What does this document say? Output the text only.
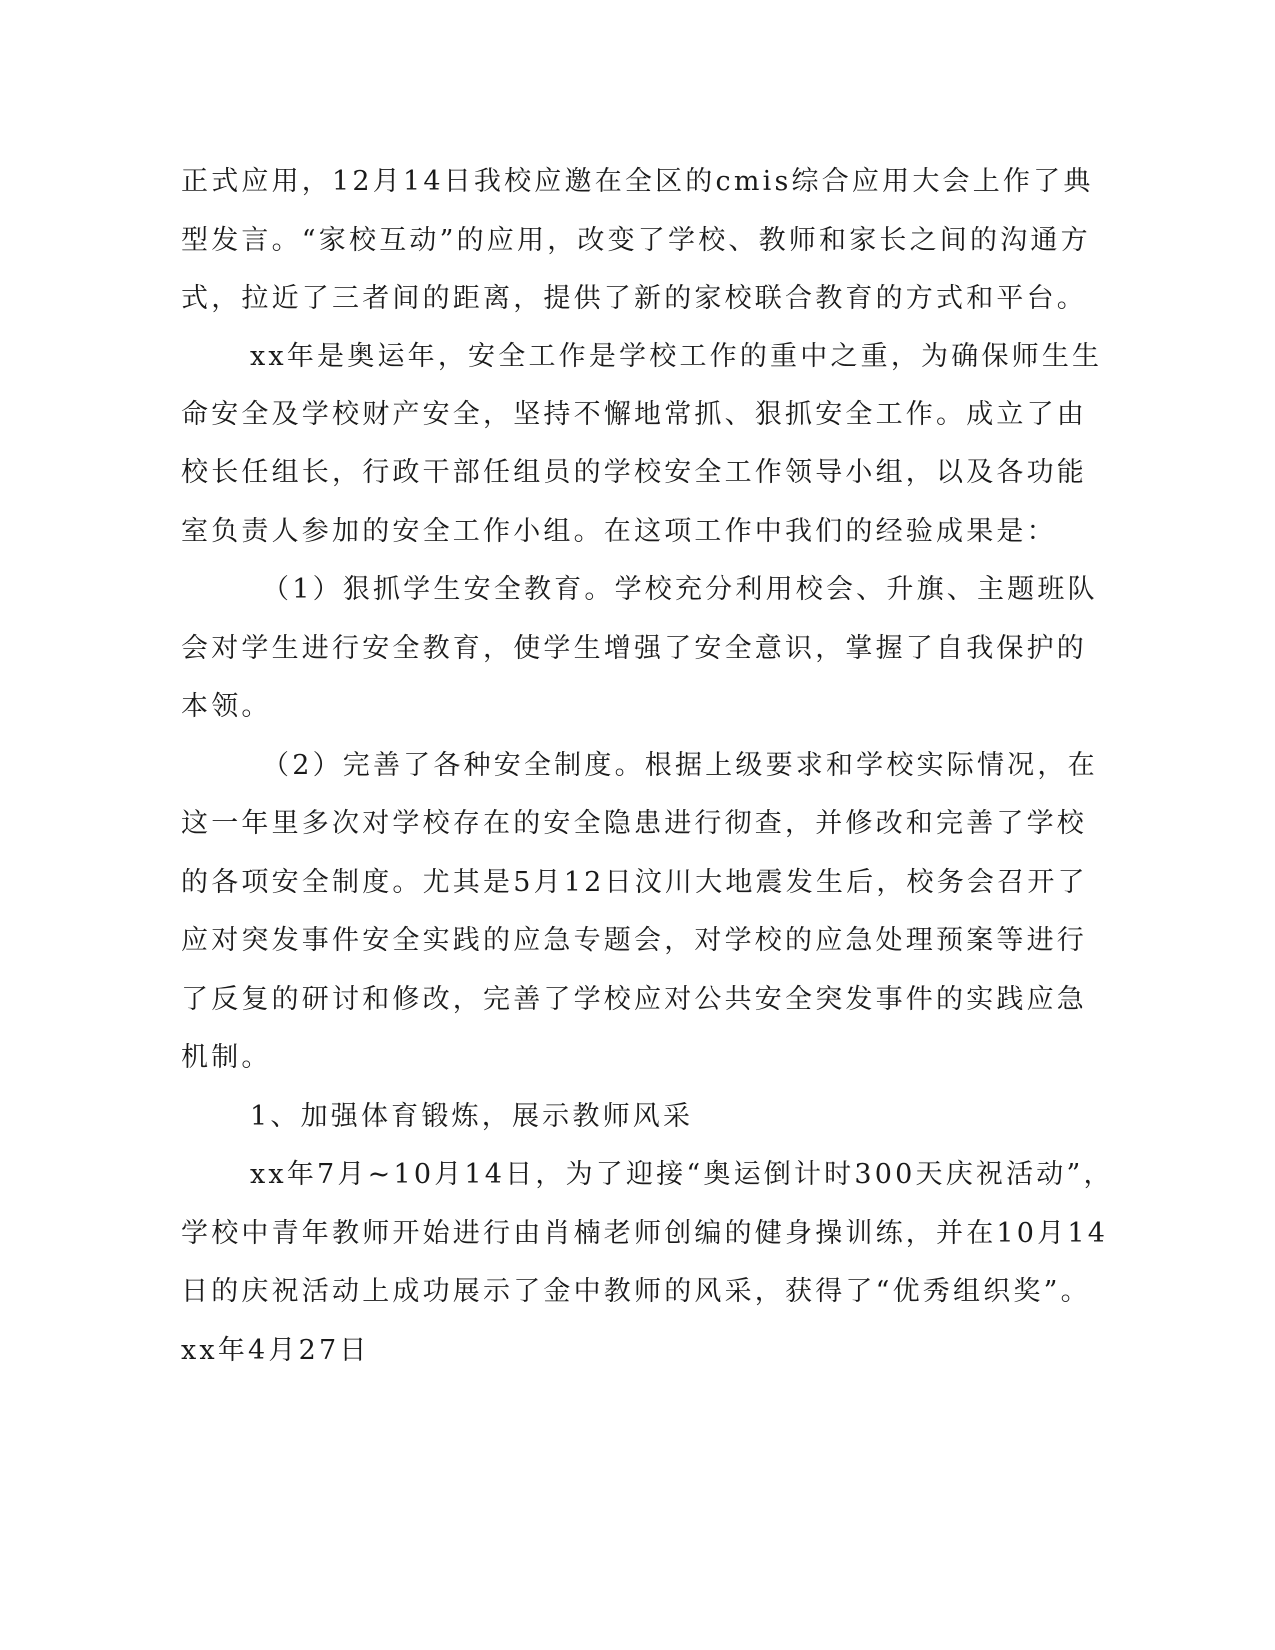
正式应用，12月14日我校应邀在全区的cmis综合应用大会上作了典
型发言。“家校互动”的应用，改变了学校、教师和家长之间的沟通方
式，拉近了三者间的距离，提供了新的家校联合教育的方式和平台。
xx年是奥运年，安全工作是学校工作的重中之重，为确保师生生
命安全及学校财产安全，坚持不懈地常抓、狠抓安全工作。成立了由
校长任组长，行政干部任组员的学校安全工作领导小组，以及各功能
室负责人参加的安全工作小组。在这项工作中我们的经验成果是：
（1）狠抓学生安全教育。学校充分利用校会、升旗、主题班队
会对学生进行安全教育，使学生增强了安全意识，掌握了自我保护的
本领。
（2）完善了各种安全制度。根据上级要求和学校实际情况，在
这一年里多次对学校存在的安全隐患进行彻查，并修改和完善了学校
的各项安全制度。尤其是5月12日汶川大地震发生后，校务会召开了
应对突发事件安全实践的应急专题会，对学校的应急处理预案等进行
了反复的研讨和修改，完善了学校应对公共安全突发事件的实践应急
机制。
1、加强体育锻炼，展示教师风采
xx年7月~10月14日，为了迎接“奥运倒计时300天庆祝活动”，
学校中青年教师开始进行由肖楠老师创编的健身操训练，并在10月14
日的庆祝活动上成功展示了金中教师的风采，获得了“优秀组织奖”。
xx年4月27日
